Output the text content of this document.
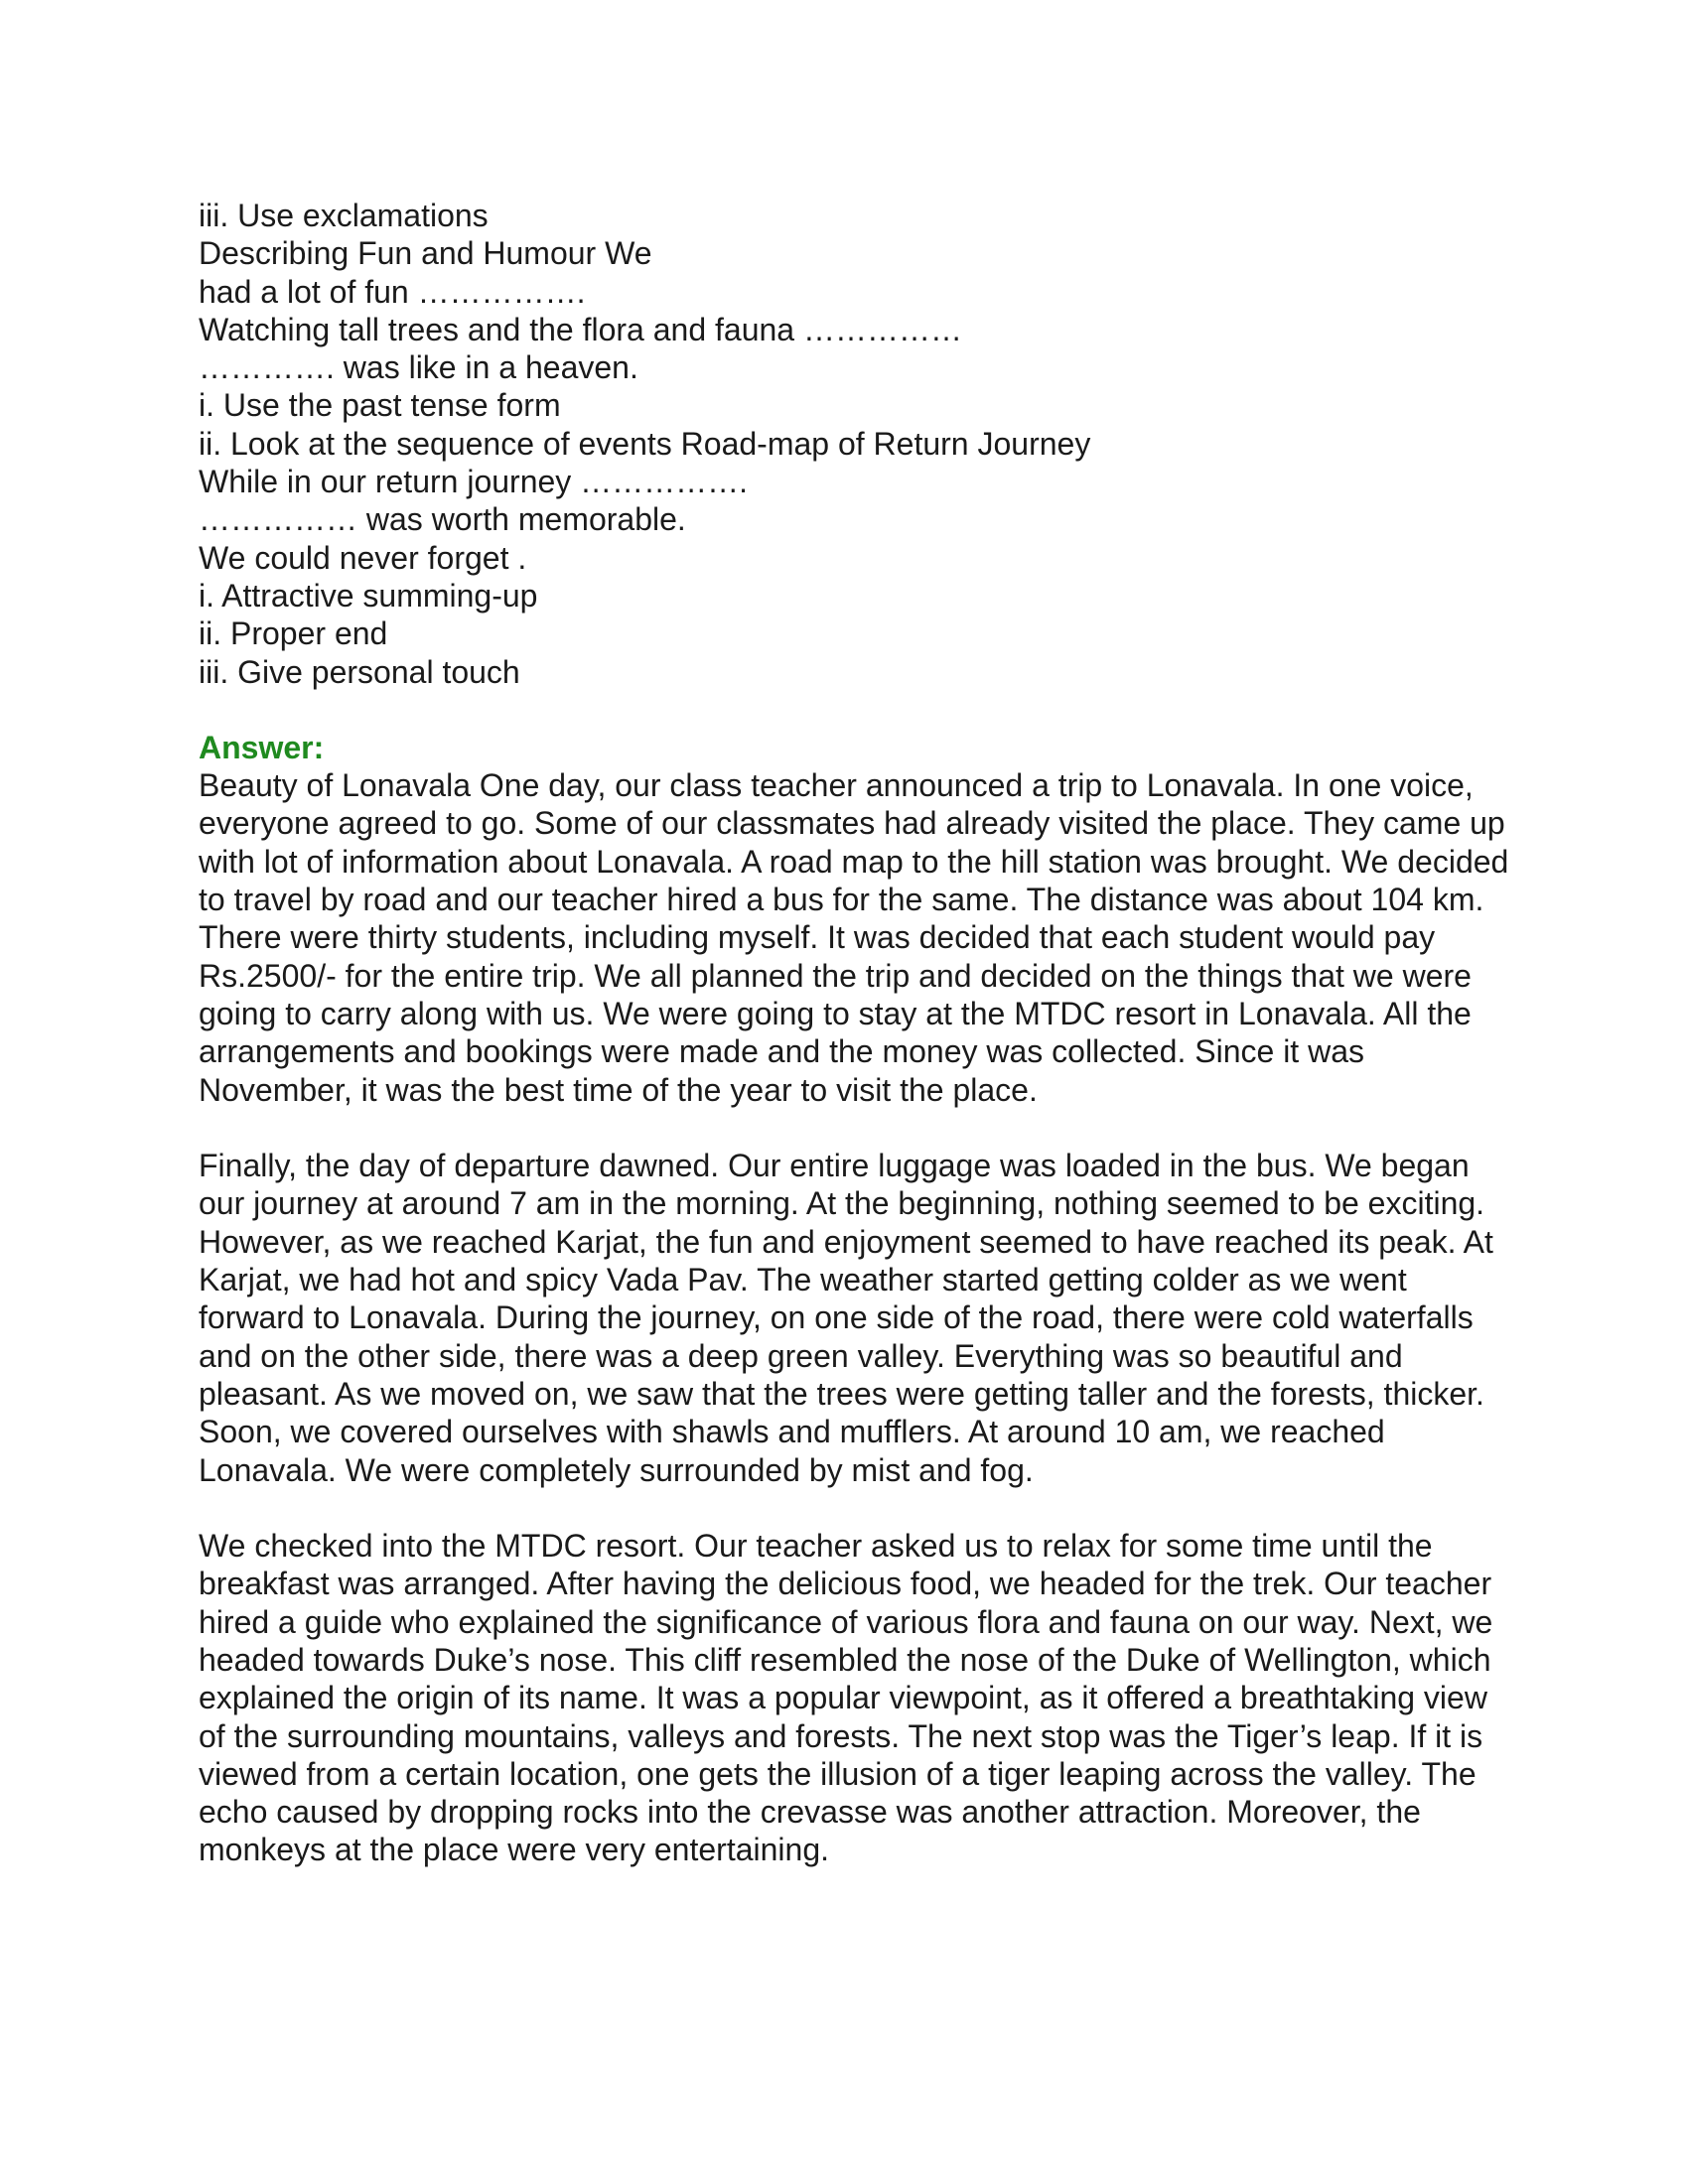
iii. Use exclamations
Describing Fun and Humour We
had a lot of fun …………….
Watching tall trees and the flora and fauna ……………
…………. was like in a heaven.
i. Use the past tense form
ii. Look at the sequence of events Road-map of Return Journey
While in our return journey …………….
…………… was worth memorable.
We could never forget .
i. Attractive summing-up
ii. Proper end
iii. Give personal touch
Answer:

Beauty of Lonavala One day, our class teacher announced a trip to Lonavala. In one voice, everyone agreed to go. Some of our classmates had already visited the place. They came up with lot of information about Lonavala. A road map to the hill station was brought. We decided to travel by road and our teacher hired a bus for the same. The distance was about 104 km. There were thirty students, including myself. It was decided that each student would pay Rs.2500/- for the entire trip. We all planned the trip and decided on the things that we were going to carry along with us. We were going to stay at the MTDC resort in Lonavala. All the arrangements and bookings were made and the money was collected. Since it was November, it was the best time of the year to visit the place.

Finally, the day of departure dawned. Our entire luggage was loaded in the bus. We began our journey at around 7 am in the morning. At the beginning, nothing seemed to be exciting. However, as we reached Karjat, the fun and enjoyment seemed to have reached its peak. At Karjat, we had hot and spicy Vada Pav. The weather started getting colder as we went forward to Lonavala. During the journey, on one side of the road, there were cold waterfalls and on the other side, there was a deep green valley. Everything was so beautiful and pleasant. As we moved on, we saw that the trees were getting taller and the forests, thicker. Soon, we covered ourselves with shawls and mufflers. At around 10 am, we reached Lonavala. We were completely surrounded by mist and fog.

We checked into the MTDC resort. Our teacher asked us to relax for some time until the breakfast was arranged. After having the delicious food, we headed for the trek. Our teacher hired a guide who explained the significance of various flora and fauna on our way. Next, we headed towards Duke’s nose. This cliff resembled the nose of the Duke of Wellington, which explained the origin of its name. It was a popular viewpoint, as it offered a breathtaking view of the surrounding mountains, valleys and forests. The next stop was the Tiger’s leap. If it is viewed from a certain location, one gets the illusion of a tiger leaping across the valley. The echo caused by dropping rocks into the crevasse was another attraction. Moreover, the monkeys at the place were very entertaining.
